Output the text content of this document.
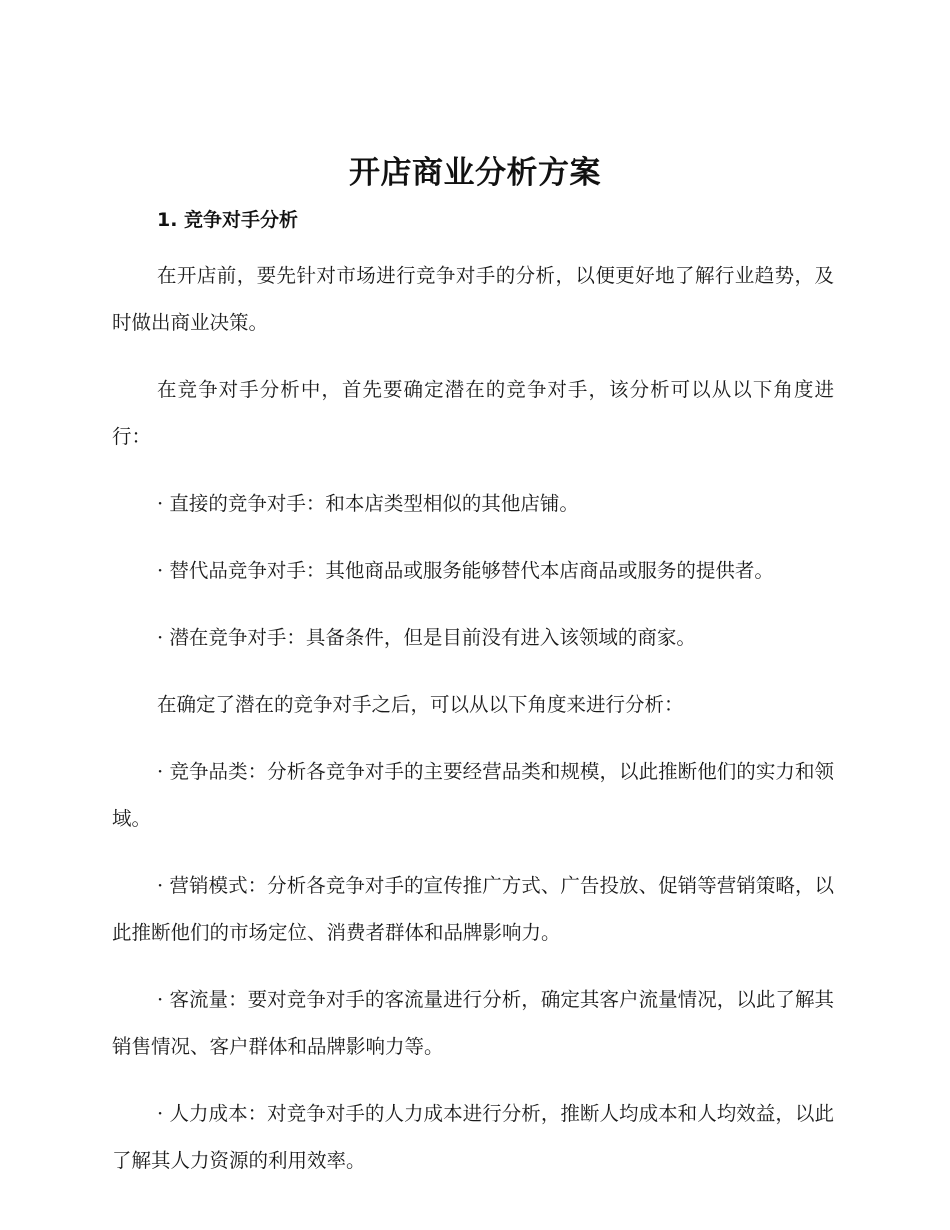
开店商业分析方案
1. 竞争对手分析

在开店前，要先针对市场进行竞争对手的分析，以便更好地了解行业趋势，及时做出商业决策。

在竞争对手分析中，首先要确定潜在的竞争对手，该分析可以从以下角度进行：

· 直接的竞争对手：和本店类型相似的其他店铺。

· 替代品竞争对手：其他商品或服务能够替代本店商品或服务的提供者。

· 潜在竞争对手：具备条件，但是目前没有进入该领域的商家。

在确定了潜在的竞争对手之后，可以从以下角度来进行分析：

· 竞争品类：分析各竞争对手的主要经营品类和规模，以此推断他们的实力和领域。

· 营销模式：分析各竞争对手的宣传推广方式、广告投放、促销等营销策略，以此推断他们的市场定位、消费者群体和品牌影响力。

· 客流量：要对竞争对手的客流量进行分析，确定其客户流量情况，以此了解其销售情况、客户群体和品牌影响力等。

· 人力成本：对竞争对手的人力成本进行分析，推断人均成本和人均效益，以此了解其人力资源的利用效率。
